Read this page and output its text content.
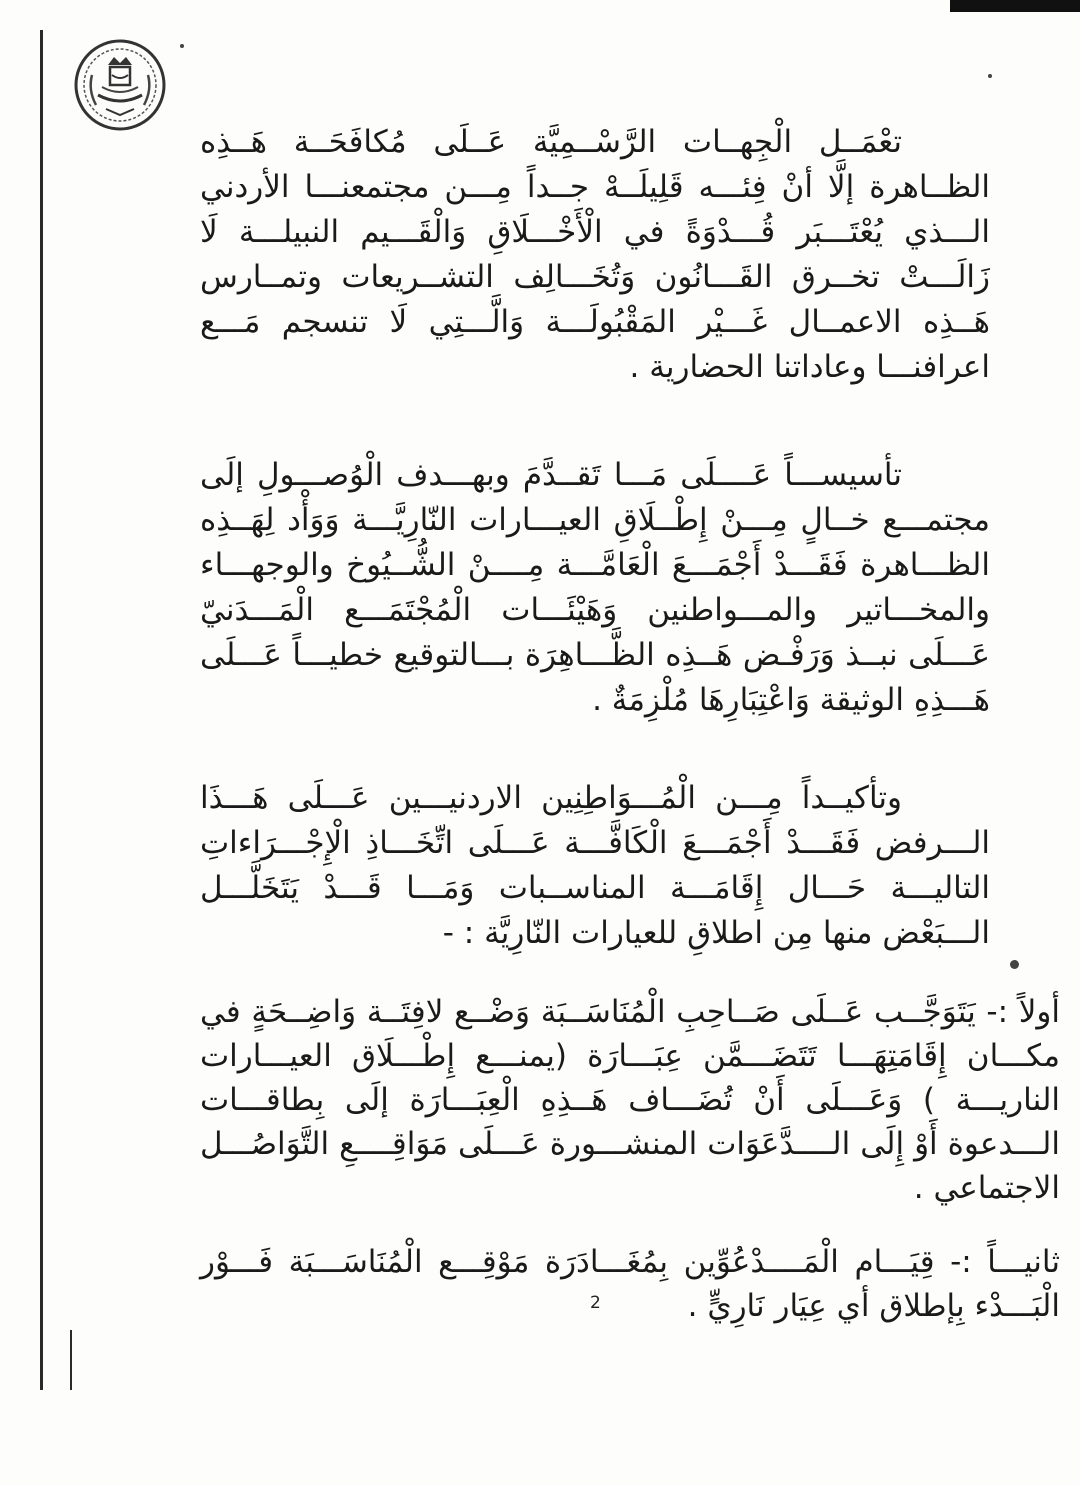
تعْمَــل الْجِهــات الرَّسْــمِيَّة عَــلَى مُكافَحَــة هَــذِه الظــاهرة إلَّا أنْ فِئـــه قَلِيلَــهْ جــداً مِـــن مجتمعنـــا الأردني الـــذي يُعْتَـــبَر قُـــدْوَةً في الْأَخْـــلَاقِ وَالْقَـــيم النبيلـــة لَا زَالَـــتْ تخــرق القَـــانُون وَتُخَـــالِف التشــريعات وتمــارس هَــذِه الاعمــال غَـــيْر المَقْبُولَـــة وَالَّـــتِي لَا تنسجم مَـــع اعرافنـــا وعاداتنا الحضارية .

تأسيســـاً عَــــلَى مَـــا تَقــدَّمَ وبهـــدف الْوُصـــولِ إلَى مجتمـــع خــالٍ مِـــنْ إِطْــلَاقِ العيـــارات النّارِيَّـــة وَوَأْد لِهَــذِه الظـــاهرة فَقَـــدْ أَجْمَـــعَ الْعَامَّـــة مِــــنْ الشُّــيُوخ والوجهـــاء والمخـــاتير والمـــواطنين وَهَيْئَـــات الْمُجْتَمَـــع الْمَـــدَنيّ عَـــلَى نبــذ وَرَفْـض هَــذِه الظَّـــاهِرَة بـــالتوقيع خطيـــاً عَـــلَى هَـــذِهِ الوثيقة وَاعْتِبَارِهَا مُلْزِمَةٌ .

وتأكيــداً مِـــن الْمُـــوَاطِنِين الاردنيـــين عَـــلَى هَـــذَا الـــرفض فَقَـــدْ أَجْمَـــعَ الْكَافَّـــة عَـــلَى اتِّخَـــاذِ الْإِجْـــرَاءاتِ التاليـــة حَـــال إِقَامَـــة المناســبات وَمَـــا قَـــدْ يَتَخَلَّـــل الـــبَعْض منها مِن اطلاقِ للعيارات النّارِيَّة : -

أولاً :- يَتَوَجَّــب عَــلَى صَــاحِبِ الْمُنَاسَــبَة وَضْــع لافِتَــة وَاضِــحَةٍ في مكـــان إِقَامَتِهَـــا تَتَضَـــمَّن عِبَـــارَة (يمنـــع إِطْـــلَاق العيـــارات الناريـــة ) وَعَـــلَى أَنْ تُضَـــاف هَــذِهِ الْعِبَـــارَة إلَى بِطاقـــات الـــدعوة أَوْ إِلَى الــــدَّعَوَات المنشـــورة عَـــلَى مَوَاقِــــعِ التَّوَاصُـــل الاجتماعي .

ثانيـــاً :- قِيَـــام الْمَــــدْعُوِّين بِمُغَـــادَرَة مَوْقِـــع الْمُنَاسَـــبَة فَـــوْر الْبَـــدْء بِإطلاق أي عِيَار نَارِيٍّ .

2
